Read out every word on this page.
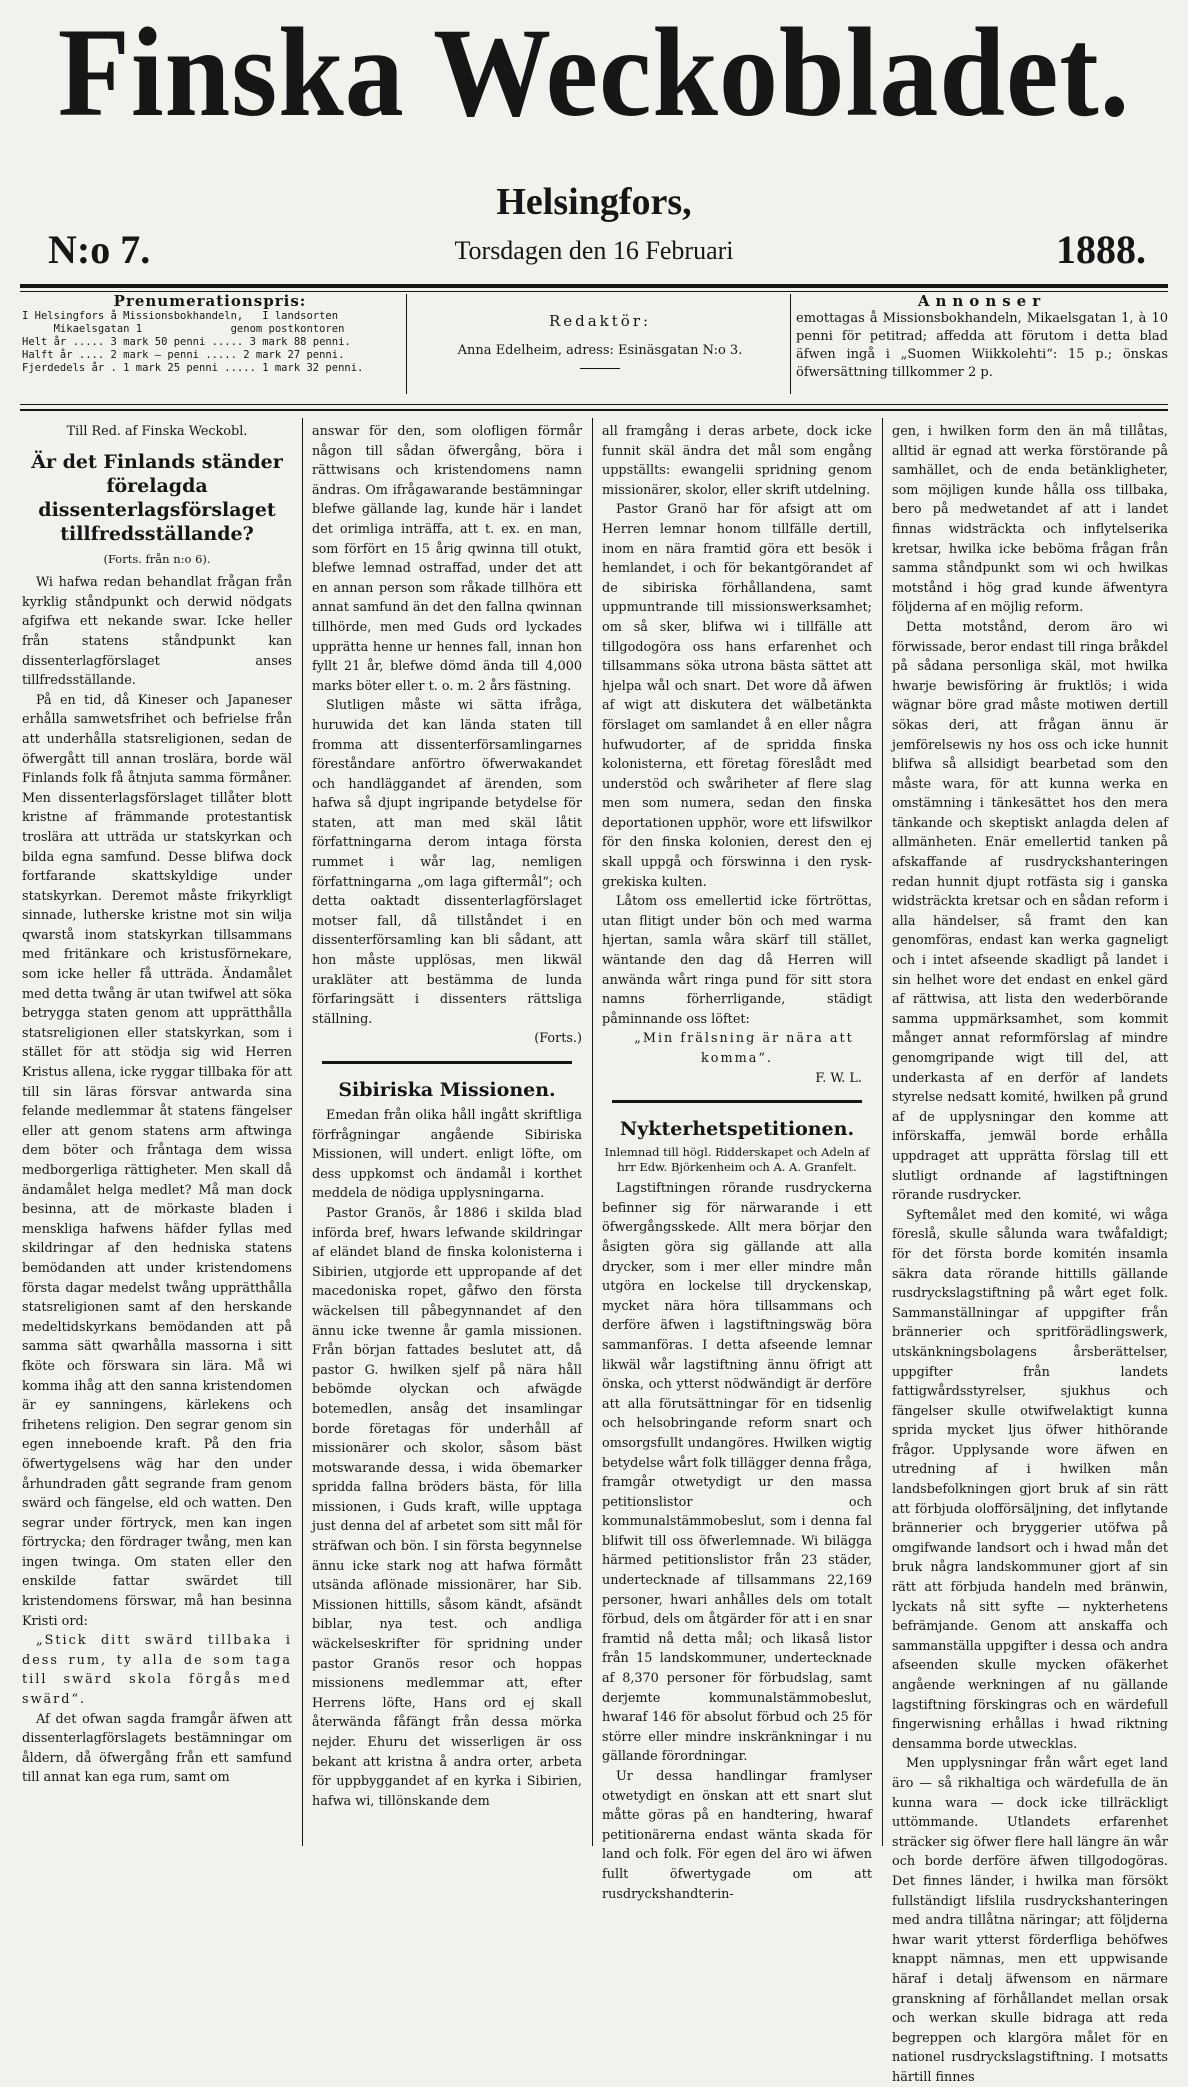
Finska Weckobladet.
Helsingfors,
N:o 7.	Torsdagen den 16 Februari	1888.
Prenumerationspris:
I Helsingfors å Missionsbokhandeln,   I landsorten
Mikaelsgatan 1              genom postkontoren
Helt år ..... 3 mark 50 penni ..... 3 mark 88 penni.
Halft år .... 2 mark — penni ..... 2 mark 27 penni.
Fjerdedels år . 1 mark 25 penni ..... 1 mark 32 penni.
Redaktör:
Anna Edelheim, adress: Esinäsgatan N:o 3.
Annonser
emottagas å Missionsbokhandeln, Mikaelsgatan 1, à 10 penni för petitrad; affedda att förutom i detta blad äfwen ingå i „Suomen Wiikkolehti“: 15 p.; önskas öfwersättning tillkommer 2 p.
Till Red. af Finska Weckobl.
Är det Finlands ständer förelagda dissenterlagsförslaget tillfredsställande?
(Forts. från n:o 6).

Wi hafwa redan behandlat frågan från kyrklig ståndpunkt och derwid nödgats afgifwa ett nekande swar. Icke heller från statens ståndpunkt kan dissenterlagförslaget anses tillfredsställande.

På en tid, då Kineser och Japaneser erhålla samwetsfrihet och befrielse från att underhålla statsreligionen, sedan de öfwergått till annan troslära, borde wäl Finlands folk få åtnjuta samma förmåner. Men dissenterlagsförslaget tillåter blott kristne af främmande protestantisk troslära att utträda ur statskyrkan och bilda egna samfund. Desse blifwa dock fortfarande skattskyldige under statskyrkan. Deremot måste frikyrkligt sinnade, lutherske kristne mot sin wilja qwarstå inom statskyrkan tillsammans med fritänkare och kristusförnekare, som icke heller få utträda. Ändamålet med detta twång är utan twifwel att söka betrygga staten genom att upprätthålla statsreligionen eller statskyrkan, som i stället för att stödja sig wid Herren Kristus allena, icke ryggar tillbaka för att till sin läras försvar antwarda sina felande medlemmar åt statens fängelser eller att genom statens arm aftwinga dem böter och fråntaga dem wissa medborgerliga rättigheter. Men skall då ändamålet helga medlet? Må man dock besinna, att de mörkaste bladen i menskliga hafwens häfder fyllas med skildringar af den hedniska statens bemödanden att under kristendomens första dagar medelst twång upprätthålla statsreligionen samt af den herskande medeltidskyrkans bemödanden att på samma sätt qwarhålla massorna i sitt fköte och förswara sin lära. Må wi komma ihåg att den sanna kristendomen är ey sanningens, kärlekens och frihetens religion. Den segrar genom sin egen inneboende kraft. På den fria öfwertygelsens wäg har den under århundraden gått segrande fram genom swärd och fängelse, eld och watten. Den segrar under förtryck, men kan ingen förtryckа; den fördrager twång, men kan ingen twinga. Om staten eller den enskilde fattar swärdet till kristendomens förswar, må han besinna Kristi ord:

„Stick ditt swärd tillbaka i dess rum, ty alla de som taga till swärd skola förgås med swärd“.

Af det ofwan sagda framgår äfwen att dissenterlagförslagets bestämningar om åldern, då öfwergång från ett samfund till annat kan ega rum, samt om

answar för den, som olofligen förmår någon till sådan öfwergång, böra i rättwisans och kristendomens namn ändras. Om ifrågawarande bestämningar blefwe gällande lag, kunde här i landet det orimliga inträffa, att t. ex. en man, som förfört en 15 årig qwinna till otukt, blefwe lemnad ostraffad, under det att en annan person som råkade tillhöra ett annat samfund än det den fallna qwinnan tillhörde, men med Guds ord lyckades upprätta henne ur hennes fall, innan hon fyllt 21 år, blefwe dömd ända till 4,000 marks böter eller t. o. m. 2 års fästning.

Slutligen måste wi sätta ifråga, huruwida det kan lända staten till fromma att dissenterförsamlingarnes föreståndare anförtro öfwerwakandet och handläggandet af ärenden, som hafwa så djupt ingripande betydelse för staten, att man med skäl låtit författningarna derom intaga första rummet i wår lag, nemligen författningarna „om laga giftermål“; och detta oaktadt dissenterlagförslaget motser fall, då tillståndet i en dissenterförsamling kan bli sådant, att hon måste upplösas, men likwäl urakläter att bestämma de lunda förfaringsätt i dissenters rättsliga ställning.

(Forts.)
Sibiriska Missionen.

Emedan från olika håll ingått skriftliga förfrågningar angående Sibiriska Missionen, will undert. enligt löfte, om dess uppkomst och ändamål i korthet meddela de nödiga upplysningarna.

Pastor Granös, år 1886 i skilda blad införda bref, hwars lefwande skildringar af eländet bland de finska kolonisterna i Sibirien, utgjorde ett uppropande af det macedoniska ropet, gåfwo den första wäckelsen till påbegynnandet af den ännu icke twenne år gamla missionen. Från början fattades beslutet att, då pastor G. hwilken sjelf på nära håll bebömde olyckan och afwägde botemedlen, ansåg det insamlingar borde företagas för underhåll af missionärer och skolor, såsom bäst motswarande dessa, i wida öbemarker spridda fallna bröders bästa, för lilla missionen, i Guds kraft, wille upptaga just denna del af arbetet som sitt mål för sträfwan och bön. I sin första begynnelse ännu icke stark nog att hafwa förmått utsända aflönade missionärer, har Sib. Missionen hittills, såsom kändt, afsändt biblar, nya test. och andliga wäckelseskrifter för spridning under pastor Granös resor och hoppas missionens medlemmar att, efter Herrens löfte, Hans ord ej skall återwända fåfängt från dessa mörka nejder. Ehuru det wisserligen är oss bekant att kristna å andra orter, arbeta för uppbyggandet af en kyrka i Sibirien, hafwa wi, tillönskande dem

all framgång i deras arbete, dock icke funnit skäl ändra det mål som engång uppställts: ewangelii spridning genom missionärer, skolor, eller skrift utdelning.

Pastor Granö har för afsigt att om Herren lemnar honom tillfälle dertill, inom en nära framtid göra ett besök i hemlandet, i och för bekantgörandet af de sibiriska förhållandena, samt uppmuntrande till missionswerksamhet; om så sker, blifwa wi i tillfälle att tillgodogöra oss hans erfarenhet och tillsammans söka utrona bästa sättet att hjelpa wål och snart. Det wore då äfwen af wigt att diskutera det wälbetänkta förslaget om samlandet å en eller några hufwudorter, af de spridda finska kolonisterna, ett företag föreslådt med understöd och swåriheter af flere slag men som numera, sedan den finska deportationen upphör, wore ett lifswilkor för den finska kolonien, derest den ej skall uppgå och förswinna i den rysk-grekiska kulten.

Låtom oss emellertid icke förtröttas, utan flitigt under bön och med warma hjertan, samla wåra skärf till stället, wäntande den dag då Herren will anwända wårt ringa pund för sitt stora namns förherrligande, städigt påminnande oss löftet:

„Min frälsning är nära att komma“.

F. W. L.
Nykterhetspetitionen.
Inlemnad till högl. Ridderskapet och Adeln af hrr Edw. Björkenheim och A. A. Granfelt.

Lagstiftningen rörande rusdryckerna befinner sig för närwarande i ett öfwergångsskede. Allt mera börjar den åsigten göra sig gällande att alla drycker, som i mer eller mindre mån utgöra en lockelse till dryckenskap, mycket nära höra tillsammans och derföre äfwen i lagstiftningswäg böra sammanföras. I detta afseende lemnar likwäl wår lagstiftning ännu öfrigt att önska, och ytterst nödwändigt är derföre att alla förutsättningar för en tidsenlig och helsobringande reform snart och omsorgsfullt undangöres. Hwilken wigtig betydelse wårt folk tillägger denna fråga, framgår otwetydigt ur den massa petitionslistor och kommunalstämmobeslut, som i denna fal blifwit till oss öfwerlemnade. Wi bilägga härmed petitionslistor från 23 städer, undertecknade af tillsammans 22,169 personer, hwari anhålles dels om totalt förbud, dels om åtgärder för att i en snar framtid nå detta mål; och likaså listor från 15 landskommuner, undertecknade af 8,370 personer för förbudslag, samt derjemte kommunalstämmobeslut, hwaraf 146 för absolut förbud och 25 för större eller mindre inskränkningar i nu gällande förordningar.

Ur dessa handlingar framlyser otwetydigt en önskan att ett snart slut måtte göras på en handtering, hwaraf petitionärerna endast wänta skada för land och folk. För egen del äro wi äfwen fullt öfwertygade om att rusdryckshandterin-

gen, i hwilken form den än må tillåtas, alltid är egnad att werka förstörande på samhället, och de enda betänkligheter, som möjligen kunde hålla oss tillbaka, bero på medwetandet af att i landet finnas widsträckta och inflytelserika kretsar, hwilka icke beböma frågan från samma ståndpunkt som wi och hwilkas motstånd i hög grad kunde äfwentyra följderna af en möjlig reform.

Detta motstånd, derom äro wi förwissade, beror endast till ringa bråkdel på sådana personliga skäl, mot hwilka hwarje bewisföring är fruktlös; i wida wägnar böre grad måste motiwen dertill sökas deri, att frågan ännu är jemförelsewis ny hos oss och icke hunnit blifwa så allsidigt bearbetad som den måste wara, för att kunna werka en omstämning i tänkesättet hos den mera tänkande och skeptiskt anlagda delen af allmänheten. Enär emellertid tanken på afskaffande af rusdryckshanteringen redan hunnit djupt rotfästa sig i ganska widsträckta kretsar och en sådan reform i alla händelser, så framt den kan genomföras, endast kan werka gagneligt och i intet afseende skadligt på landet i sin helhet wore det endast en enkel gärd af rättwisa, att lista den wederbörande samma uppmärksamhet, som kommit mångет annat reformförslag af mindre genomgripande wigt till del, att underkasta af en derför af landets styrelse nedsatt komité, hwilken på grund af de upplysningar den komme att införskaffa, jemwäl borde erhålla uppdraget att upprätta förslag till ett slutligt ordnande af lagstiftningen rörande rusdrycker.

Syftemålet med den komité, wi wåga föreslå, skulle sålunda wara twåfaldigt; för det första borde komitén insamla säkra data rörande hittills gällande rusdryckslagstiftning på wårt eget folk. Sammanställningar af uppgifter från bränneriеr och spritförädlingswerk, utskänkningsbolagens årsberättelser, uppgifter från landets fattigwårdsstyrelser, sjukhus och fängelser skulle otwifwelaktigt kunna sprida mycket ljus öfwer hithörande frågor. Upplysande wore äfwen en utredning af i hwilken mån landsbefolkningen gjort bruk af sin rätt att förbjuda olofförsäljning, det inflytande bränneriеr och bryggerier utöfwa på omgifwande landsort och i hwad mån det bruk några landskommuner gjort af sin rätt att förbjuda handeln med bränwin, lyckats nå sitt syfte — nykterhetens befrämjande. Genom att anskaffa och sammanställa uppgifter i dessa och andra afseenden skulle mycken ofäkerhet angående werkningen af nu gällande lagstiftning förskingras och en wärdefull fingerwisning erhållas i hwad riktning densamma borde utwecklas.

Men upplysningar från wårt eget land äro — så rikhaltiga och wärdefulla de än kunna wara — dock icke tillräckligt uttömmande. Utlandets erfarenhet sträcker sig öfwer flere hall längre än wår och borde derföre äfwen tillgodogöras. Det finnes länder, i hwilka man försökt fullständigt lifslila rusdryckshanteringen med andra tillåtna näringar; att följderna hwar warit ytterst förderfliga behöfwes knappt nämnas, men ett uppwisande häraf i detalj äfwensom en närmare granskning af förhållandet mellan orsak och werkan skulle bidraga att reda begreppen och klargöra målet för en nationel rusdryckslagstiftning. I motsatts härtill finnes
